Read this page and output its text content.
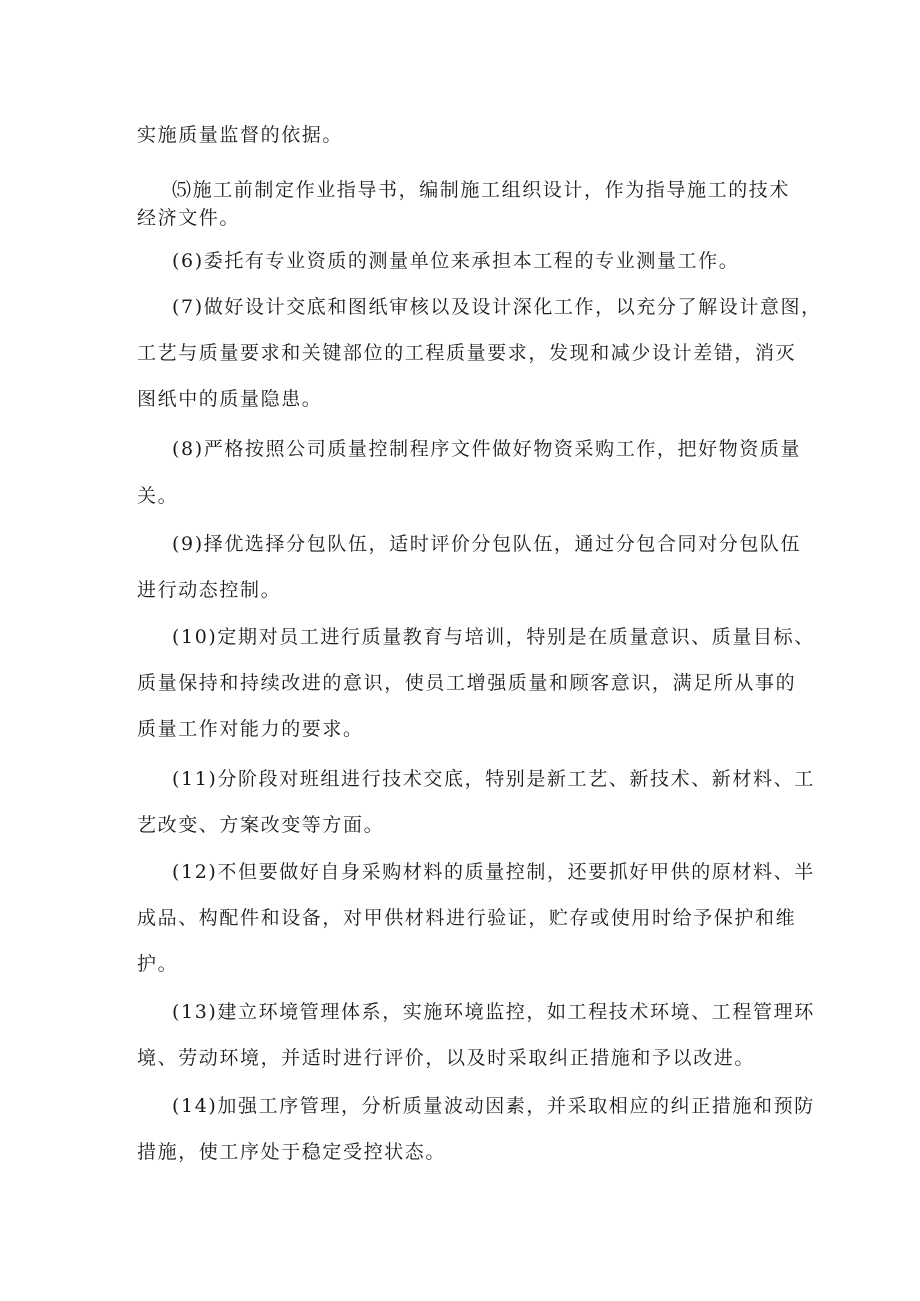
实施质量监督的依据。
⑸施工前制定作业指导书，编制施工组织设计，作为指导施工的技术
经济文件。
(6)委托有专业资质的测量单位来承担本工程的专业测量工作。
(7)做好设计交底和图纸审核以及设计深化工作，以充分了解设计意图，
工艺与质量要求和关键部位的工程质量要求，发现和减少设计差错，消灭
图纸中的质量隐患。
(8)严格按照公司质量控制程序文件做好物资采购工作，把好物资质量
关。
(9)择优选择分包队伍，适时评价分包队伍，通过分包合同对分包队伍
进行动态控制。
(10)定期对员工进行质量教育与培训，特别是在质量意识、质量目标、
质量保持和持续改进的意识，使员工增强质量和顾客意识，满足所从事的
质量工作对能力的要求。
(11)分阶段对班组进行技术交底，特别是新工艺、新技术、新材料、工
艺改变、方案改变等方面。
(12)不但要做好自身采购材料的质量控制，还要抓好甲供的原材料、半
成品、构配件和设备，对甲供材料进行验证，贮存或使用时给予保护和维
护。
(13)建立环境管理体系，实施环境监控，如工程技术环境、工程管理环
境、劳动环境，并适时进行评价，以及时采取纠正措施和予以改进。
(14)加强工序管理，分析质量波动因素，并采取相应的纠正措施和预防
措施，使工序处于稳定受控状态。
